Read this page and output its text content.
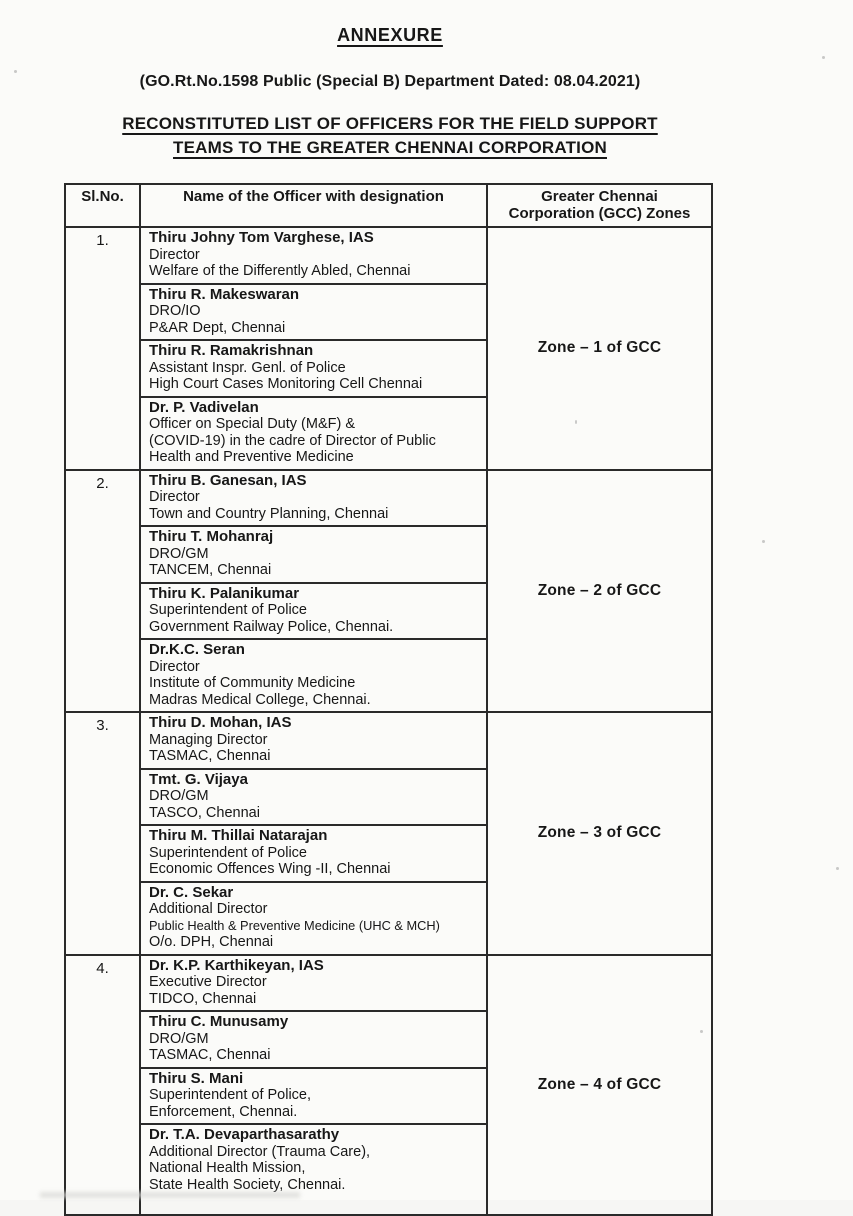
ANNEXURE
(GO.Rt.No.1598 Public (Special B) Department Dated: 08.04.2021)
RECONSTITUTED LIST OF OFFICERS FOR THE FIELD SUPPORT
TEAMS TO THE GREATER CHENNAI CORPORATION
Sl.No.	Name of the Officer with designation	Greater Chennai Corporation (GCC) Zones

1.	Thiru Johny Tom Varghese, IAS
Director
Welfare of the Differently Abled, Chennai
Thiru R. Makeswaran
DRO/IO
P&AR Dept, Chennai
Thiru R. Ramakrishnan
Assistant Inspr. Genl. of Police
High Court Cases Monitoring Cell Chennai
Dr. P. Vadivelan
Officer on Special Duty (M&F) &
(COVID-19) in the cadre of Director of Public
Health and Preventive Medicine
	Zone – 1 of GCC
2.	Thiru B. Ganesan, IAS
Director
Town and Country Planning, Chennai
Thiru T. Mohanraj
DRO/GM
TANCEM, Chennai
Thiru K. Palanikumar
Superintendent of Police
Government Railway Police, Chennai.
Dr.K.C. Seran
Director
Institute of Community Medicine
Madras Medical College, Chennai.
	Zone – 2 of GCC
3.	Thiru D. Mohan, IAS
Managing Director
TASMAC, Chennai
Tmt. G. Vijaya
DRO/GM
TASCO, Chennai
Thiru M. Thillai Natarajan
Superintendent of Police
Economic Offences Wing -II, Chennai
Dr. C. Sekar
Additional Director
Public Health & Preventive Medicine (UHC & MCH)
O/o. DPH, Chennai
	Zone – 3 of GCC
4.	Dr. K.P. Karthikeyan, IAS
Executive Director
TIDCO, Chennai
Thiru C. Munusamy
DRO/GM
TASMAC, Chennai
Thiru S. Mani
Superintendent of Police,
Enforcement, Chennai.
Dr. T.A. Devaparthasarathy
Additional Director (Trauma Care),
National Health Mission,
State Health Society, Chennai.
	Zone – 4 of GCC
